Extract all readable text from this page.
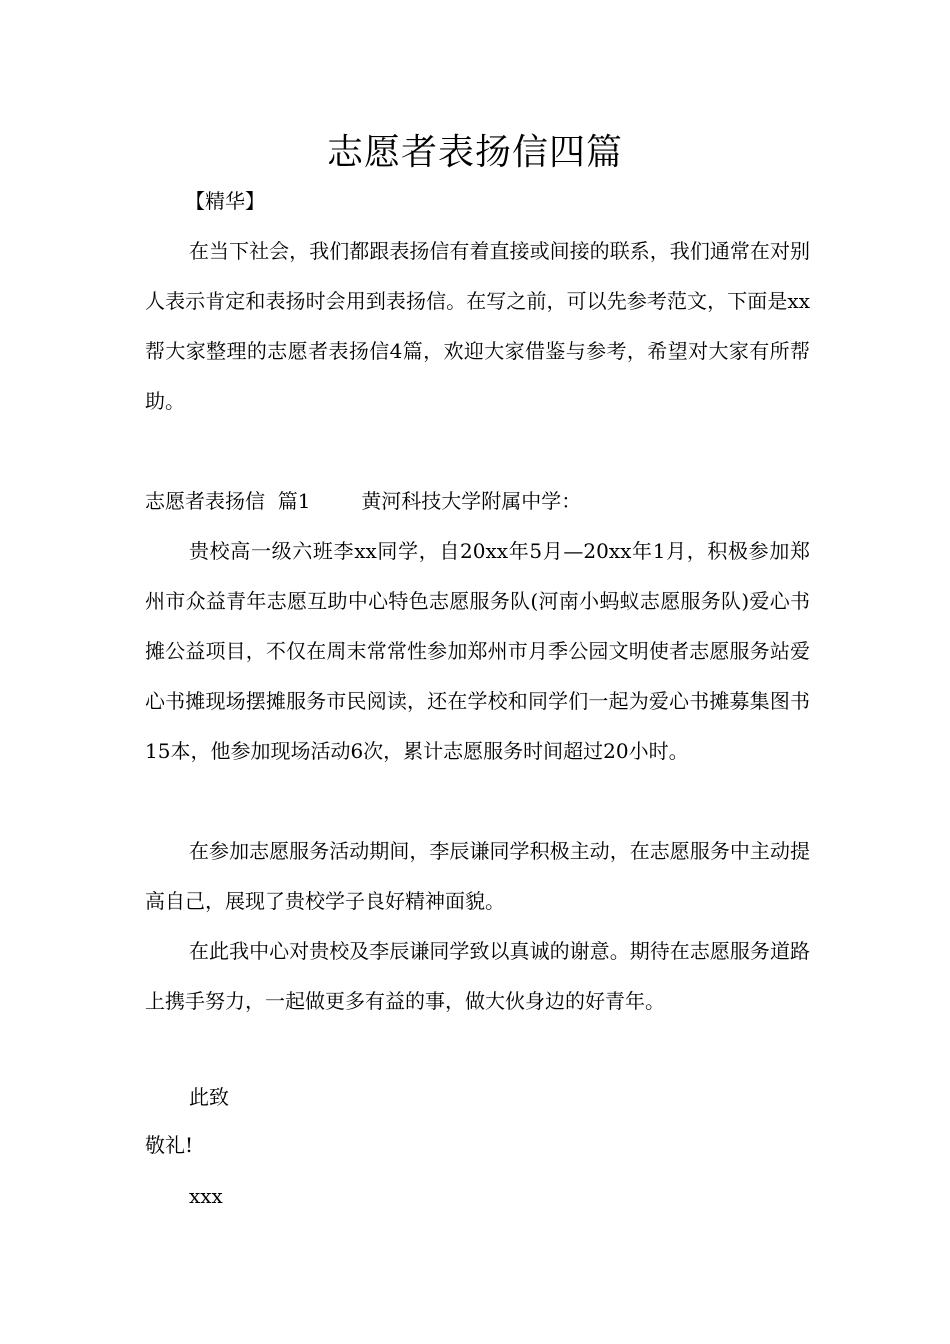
志愿者表扬信四篇
【精华】

在当下社会，我们都跟表扬信有着直接或间接的联系，我们通常在对别人表示肯定和表扬时会用到表扬信。在写之前，可以先参考范文，下面是xx帮大家整理的志愿者表扬信4篇，欢迎大家借鉴与参考，希望对大家有所帮助。

志愿者表扬信  篇1	黄河科技大学附属中学：

贵校高一级六班李xx同学，自20xx年5月—20xx年1月，积极参加郑州市众益青年志愿互助中心特色志愿服务队(河南小蚂蚁志愿服务队)爱心书摊公益项目，不仅在周末常常性参加郑州市月季公园文明使者志愿服务站爱心书摊现场摆摊服务市民阅读，还在学校和同学们一起为爱心书摊募集图书15本，他参加现场活动6次，累计志愿服务时间超过20小时。

在参加志愿服务活动期间，李辰谦同学积极主动，在志愿服务中主动提高自己，展现了贵校学子良好精神面貌。

在此我中心对贵校及李辰谦同学致以真诚的谢意。期待在志愿服务道路上携手努力，一起做更多有益的事，做大伙身边的好青年。

此致
敬礼!
xxx
